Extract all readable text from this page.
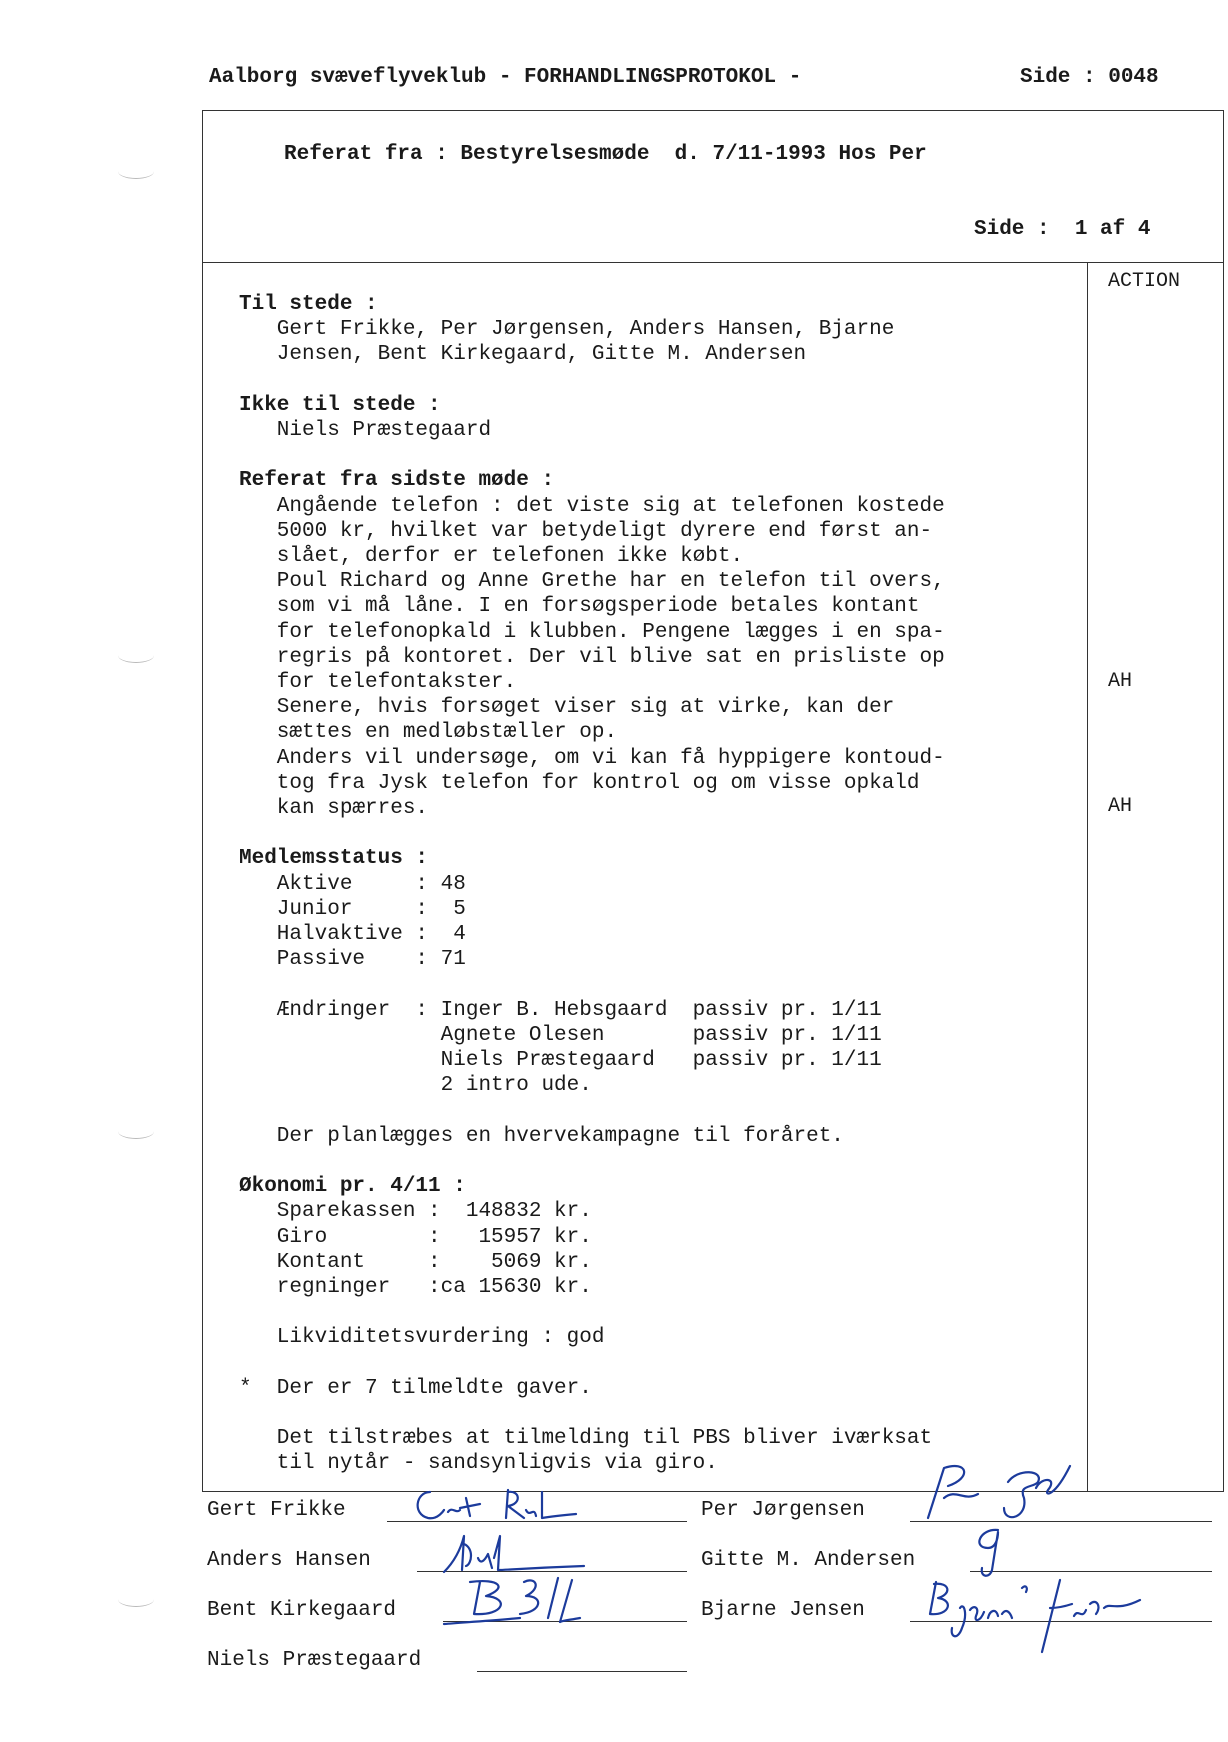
Aalborg svæveflyveklub - FORHANDLINGSPROTOKOL -	Side : 0048
Referat fra : Bestyrelsesmøde  d. 7/11-1993 Hos Per
Side :  1 af 4
ACTION
AH
AH
Til stede :
Gert Frikke, Per Jørgensen, Anders Hansen, Bjarne
Jensen, Bent Kirkegaard, Gitte M. Andersen

Ikke til stede :
Niels Præstegaard

Referat fra sidste møde :
Angående telefon : det viste sig at telefonen kostede
5000 kr, hvilket var betydeligt dyrere end først an-
slået, derfor er telefonen ikke købt.
Poul Richard og Anne Grethe har en telefon til overs,
som vi må låne. I en forsøgsperiode betales kontant
for telefonopkald i klubben. Pengene lægges i en spa-
regris på kontoret. Der vil blive sat en prisliste op
for telefontakster.
Senere, hvis forsøget viser sig at virke, kan der
sættes en medløbstæller op.
Anders vil undersøge, om vi kan få hyppigere kontoud-
tog fra Jysk telefon for kontrol og om visse opkald
kan spærres.

Medlemsstatus :
Aktive     : 48
Junior     :  5
Halvaktive :  4
Passive    : 71

Ændringer  : Inger B. Hebsgaard  passiv pr. 1/11
Agnete Olesen       passiv pr. 1/11
Niels Præstegaard   passiv pr. 1/11
2 intro ude.

Der planlægges en hvervekampagne til foråret.

Økonomi pr. 4/11 :
Sparekassen :  148832 kr.
Giro        :   15957 kr.
Kontant     :    5069 kr.
regninger   :ca 15630 kr.

Likviditetsvurdering : god

*  Der er 7 tilmeldte gaver.

Det tilstræbes at tilmelding til PBS bliver iværksat
til nytår - sandsynligvis via giro.
Gert Frikke	Per Jørgensen
Anders Hansen	Gitte M. Andersen
Bent Kirkegaard	Bjarne Jensen
Niels Præstegaard
